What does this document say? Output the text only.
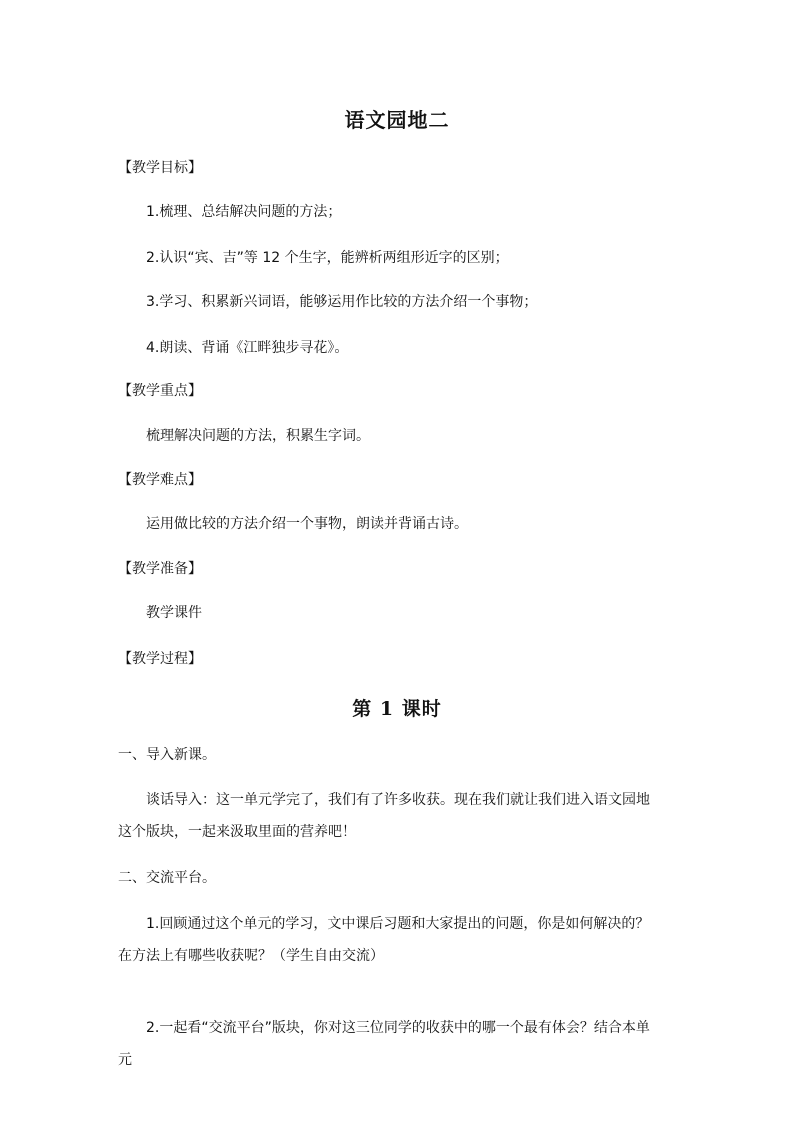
语文园地二
【教学目标】
1.梳理、总结解决问题的方法；
2.认识“宾、吉”等 12 个生字，能辨析两组形近字的区别；
3.学习、积累新兴词语，能够运用作比较的方法介绍一个事物；
4.朗读、背诵《江畔独步寻花》。
【教学重点】
梳理解决问题的方法，积累生字词。
【教学难点】
运用做比较的方法介绍一个事物，朗读并背诵古诗。
【教学准备】
教学课件
【教学过程】
第 1 课时
一、导入新课。
谈话导入：这一单元学完了，我们有了许多收获。现在我们就让我们进入语文园地这个版块，一起来汲取里面的营养吧！
二、交流平台。
1.回顾通过这个单元的学习，文中课后习题和大家提出的问题，你是如何解决的？在方法上有哪些收获呢？（学生自由交流）
2.一起看“交流平台”版块，你对这三位同学的收获中的哪一个最有体会？结合本单元
